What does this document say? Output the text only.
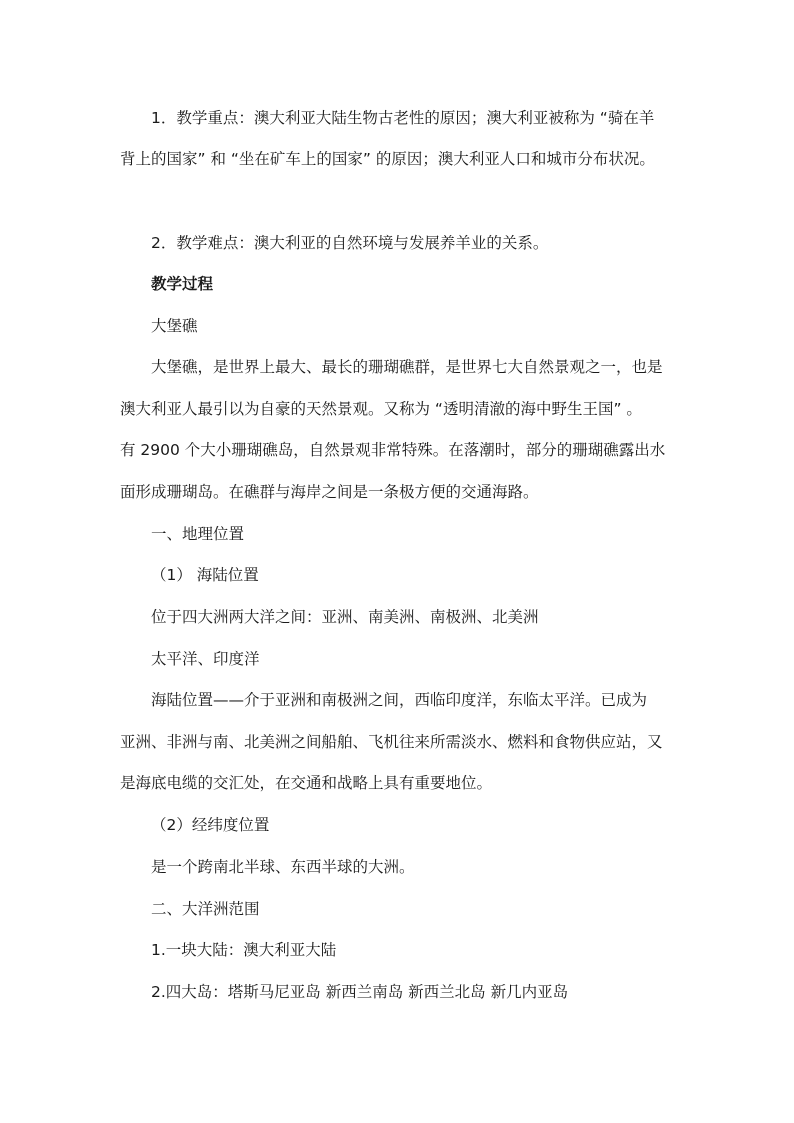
1．教学重点：澳大利亚大陆生物古老性的原因；澳大利亚被称为 “骑在羊
背上的国家” 和 “坐在矿车上的国家” 的原因；澳大利亚人口和城市分布状况。
2．教学难点：澳大利亚的自然环境与发展养羊业的关系。
教学过程
大堡礁
大堡礁，是世界上最大、最长的珊瑚礁群，是世界七大自然景观之一，也是
澳大利亚人最引以为自豪的天然景观。又称为 “透明清澈的海中野生王国” 。
有 2900 个大小珊瑚礁岛，自然景观非常特殊。在落潮时，部分的珊瑚礁露出水
面形成珊瑚岛。在礁群与海岸之间是一条极方便的交通海路。
一、地理位置
（1） 海陆位置
位于四大洲两大洋之间：亚洲、南美洲、南极洲、北美洲
太平洋、印度洋
海陆位置——介于亚洲和南极洲之间，西临印度洋，东临太平洋。已成为
亚洲、非洲与南、北美洲之间船舶、飞机往来所需淡水、燃料和食物供应站，又
是海底电缆的交汇处，在交通和战略上具有重要地位。
（2）经纬度位置
是一个跨南北半球、东西半球的大洲。
二、大洋洲范围
1.一块大陆：澳大利亚大陆
2.四大岛：塔斯马尼亚岛 新西兰南岛 新西兰北岛 新几内亚岛
